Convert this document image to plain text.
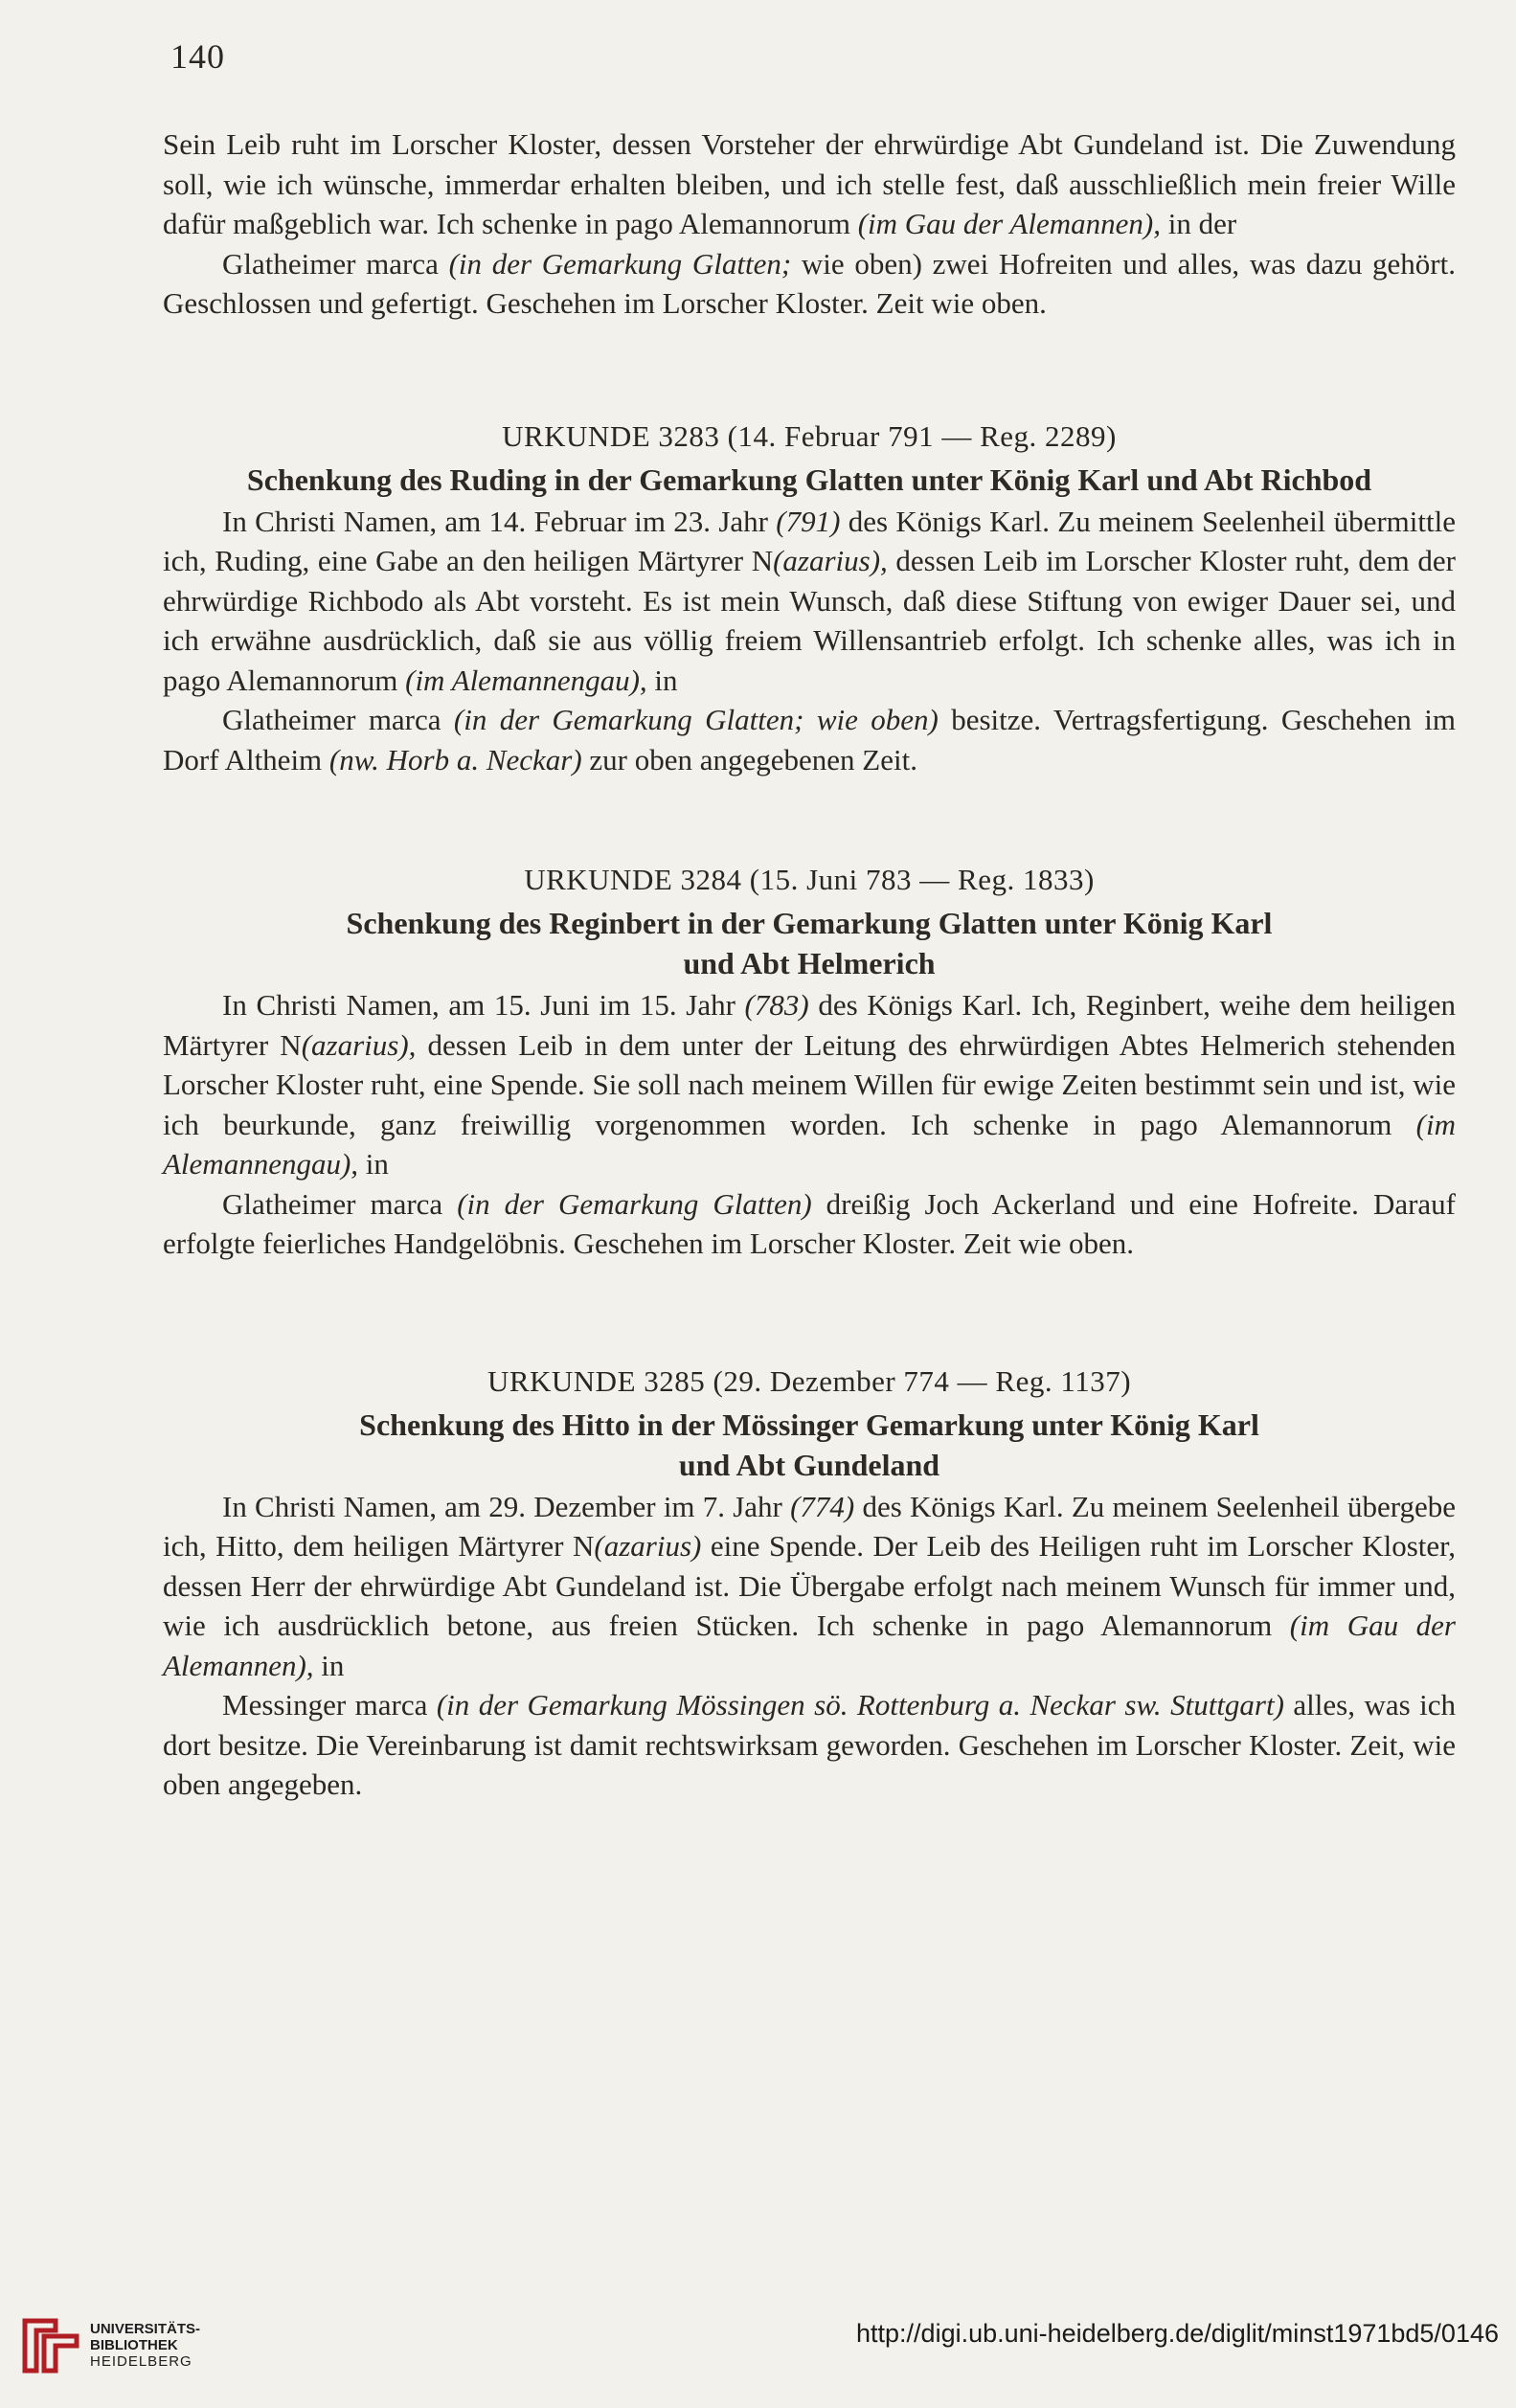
140

Sein Leib ruht im Lorscher Kloster, dessen Vorsteher der ehrwürdige Abt Gundeland ist. Die Zuwendung soll, wie ich wünsche, immerdar erhalten bleiben, und ich stelle fest, daß ausschließlich mein freier Wille dafür maßgeblich war. Ich schenke in pago Alemannorum (im Gau der Alemannen), in der

Glatheimer marca (in der Gemarkung Glatten; wie oben) zwei Hofreiten und alles, was dazu gehört. Geschlossen und gefertigt. Geschehen im Lorscher Kloster. Zeit wie oben.

URKUNDE 3283 (14. Februar 791 — Reg. 2289)
Schenkung des Ruding in der Gemarkung Glatten unter König Karl und Abt Richbod

In Christi Namen, am 14. Februar im 23. Jahr (791) des Königs Karl. Zu meinem Seelenheil übermittle ich, Ruding, eine Gabe an den heiligen Märtyrer N(azarius), dessen Leib im Lorscher Kloster ruht, dem der ehrwürdige Richbodo als Abt vorsteht. Es ist mein Wunsch, daß diese Stiftung von ewiger Dauer sei, und ich erwähne ausdrücklich, daß sie aus völlig freiem Willensantrieb erfolgt. Ich schenke alles, was ich in pago Alemannorum (im Alemannengau), in

Glatheimer marca (in der Gemarkung Glatten; wie oben) besitze. Vertragsfertigung. Geschehen im Dorf Altheim (nw. Horb a. Neckar) zur oben angegebenen Zeit.

URKUNDE 3284 (15. Juni 783 — Reg. 1833)
Schenkung des Reginbert in der Gemarkung Glatten unter König Karl
und Abt Helmerich

In Christi Namen, am 15. Juni im 15. Jahr (783) des Königs Karl. Ich, Reginbert, weihe dem heiligen Märtyrer N(azarius), dessen Leib in dem unter der Leitung des ehrwürdigen Abtes Helmerich stehenden Lorscher Kloster ruht, eine Spende. Sie soll nach meinem Willen für ewige Zeiten bestimmt sein und ist, wie ich beurkunde, ganz freiwillig vorgenommen worden. Ich schenke in pago Alemannorum (im Alemannengau), in

Glatheimer marca (in der Gemarkung Glatten) dreißig Joch Ackerland und eine Hofreite. Darauf erfolgte feierliches Handgelöbnis. Geschehen im Lorscher Kloster. Zeit wie oben.

URKUNDE 3285 (29. Dezember 774 — Reg. 1137)
Schenkung des Hitto in der Mössinger Gemarkung unter König Karl
und Abt Gundeland

In Christi Namen, am 29. Dezember im 7. Jahr (774) des Königs Karl. Zu meinem Seelenheil übergebe ich, Hitto, dem heiligen Märtyrer N(azarius) eine Spende. Der Leib des Heiligen ruht im Lorscher Kloster, dessen Herr der ehrwürdige Abt Gundeland ist. Die Übergabe erfolgt nach meinem Wunsch für immer und, wie ich ausdrücklich betone, aus freien Stücken. Ich schenke in pago Alemannorum (im Gau der Alemannen), in

Messinger marca (in der Gemarkung Mössingen sö. Rottenburg a. Neckar sw. Stuttgart) alles, was ich dort besitze. Die Vereinbarung ist damit rechtswirksam geworden. Geschehen im Lorscher Kloster. Zeit, wie oben angegeben.

UNIVERSITÄTS-
BIBLIOTHEK
HEIDELBERG
http://digi.ub.uni-heidelberg.de/diglit/minst1971bd5/0146
